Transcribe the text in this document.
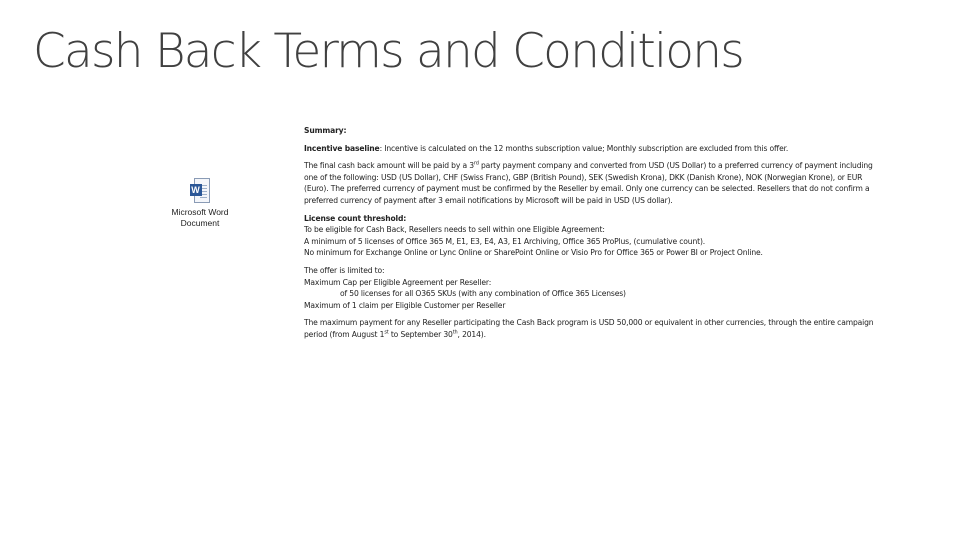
Cash Back Terms and Conditions
W
Microsoft Word
Document

Summary:

Incentive baseline: Incentive is calculated on the 12 months subscription value; Monthly subscription are excluded from this offer.

The final cash back amount will be paid by a 3rd party payment company and converted from USD (US Dollar) to a preferred currency of payment including one of the following: USD (US Dollar), CHF (Swiss Franc), GBP (British Pound), SEK (Swedish Krona), DKK (Danish Krone), NOK (Norwegian Krone), or EUR (Euro). The preferred currency of payment must be confirmed by the Reseller by email. Only one currency can be selected. Resellers that do not confirm a preferred currency of payment after 3 email notifications by Microsoft will be paid in USD (US dollar).

License count threshold:
To be eligible for Cash Back, Resellers needs to sell within one Eligible Agreement:
A minimum of 5 licenses of Office 365 M, E1, E3, E4, A3, E1 Archiving, Office 365 ProPlus, (cumulative count).
No minimum for Exchange Online or Lync Online or SharePoint Online or Visio Pro for Office 365 or Power BI or Project Online.

The offer is limited to:
Maximum Cap per Eligible Agreement per Reseller:
of 50 licenses for all O365 SKUs (with any combination of Office 365 Licenses)
Maximum of 1 claim per Eligible Customer per Reseller

The maximum payment for any Reseller participating the Cash Back program is USD 50,000 or equivalent in other currencies, through the entire campaign period (from August 1st to September 30th, 2014).
